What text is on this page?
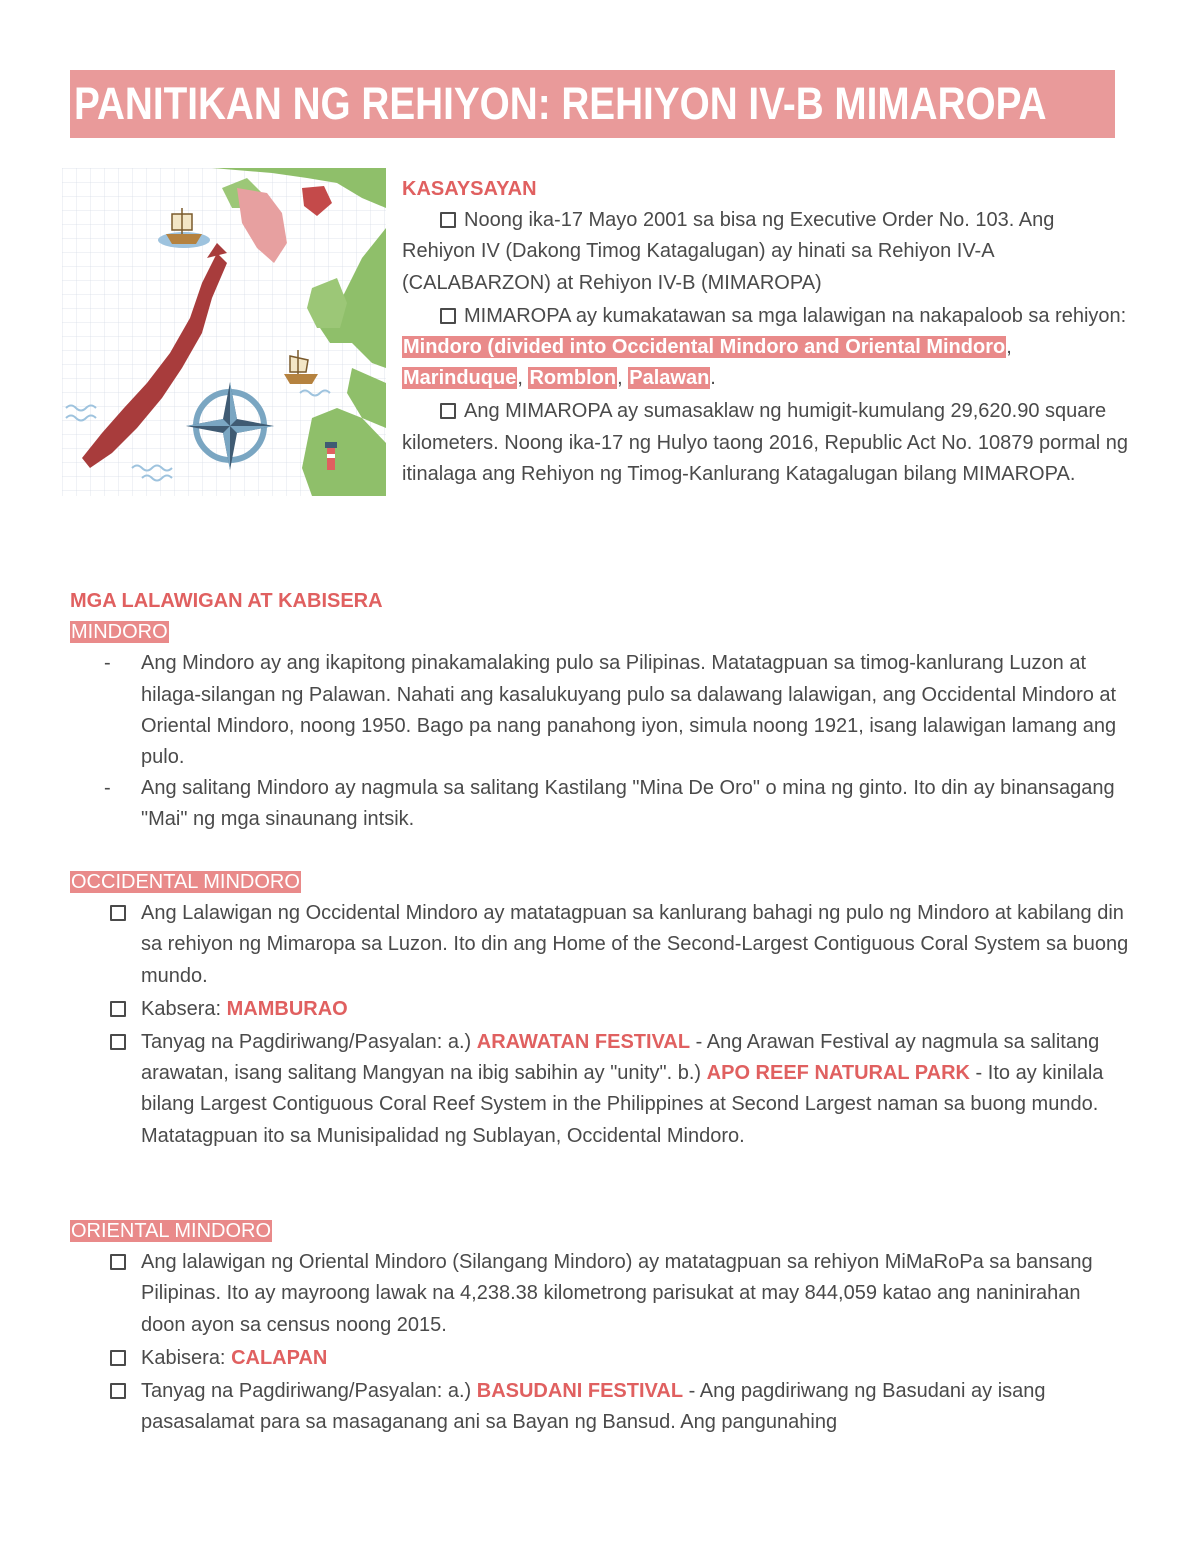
PANITIKAN NG REHIYON: REHIYON IV-B MIMAROPA

KASAYSAYAN

Noong ika-17 Mayo 2001 sa bisa ng Executive Order No. 103. Ang Rehiyon IV (Dakong Timog Katagalugan) ay hinati sa Rehiyon IV-A (CALABARZON) at Rehiyon IV-B (MIMAROPA)

MIMAROPA ay kumakatawan sa mga lalawigan na nakapaloob sa rehiyon: Mindoro (divided into Occidental Mindoro and Oriental Mindoro, Marinduque, Romblon, Palawan.

Ang MIMAROPA ay sumasaklaw ng humigit-kumulang 29,620.90 square kilometers. Noong ika-17 ng Hulyo taong 2016, Republic Act No. 10879 pormal ng itinalaga ang Rehiyon ng Timog-Kanlurang Katagalugan bilang MIMAROPA.

MGA LALAWIGAN AT KABISERA

MINDORO

- Ang Mindoro ay ang ikapitong pinakamalaking pulo sa Pilipinas. Matatagpuan sa timog-kanlurang Luzon at hilaga-silangan ng Palawan. Nahati ang kasalukuyang pulo sa dalawang lalawigan, ang Occidental Mindoro at Oriental Mindoro, noong 1950. Bago pa nang panahong iyon, simula noong 1921, isang lalawigan lamang ang pulo.
- Ang salitang Mindoro ay nagmula sa salitang Kastilang "Mina De Oro" o mina ng ginto. Ito din ay binansagang "Mai" ng mga sinaunang intsik.

OCCIDENTAL MINDORO

Ang Lalawigan ng Occidental Mindoro ay matatagpuan sa kanlurang bahagi ng pulo ng Mindoro at kabilang din sa rehiyon ng Mimaropa sa Luzon. Ito din ang Home of the Second-Largest Contiguous Coral System sa buong mundo.
Kabsera: MAMBURAO
Tanyag na Pagdiriwang/Pasyalan: a.) ARAWATAN FESTIVAL - Ang Arawan Festival ay nagmula sa salitang arawatan, isang salitang Mangyan na ibig sabihin ay "unity". b.) APO REEF NATURAL PARK - Ito ay kinilala bilang Largest Contiguous Coral Reef System in the Philippines at Second Largest naman sa buong mundo. Matatagpuan ito sa Munisipalidad ng Sublayan, Occidental Mindoro.

ORIENTAL MINDORO

Ang lalawigan ng Oriental Mindoro (Silangang Mindoro) ay matatagpuan sa rehiyon MiMaRoPa sa bansang Pilipinas. Ito ay mayroong lawak na 4,238.38 kilometrong parisukat at may 844,059 katao ang naninirahan doon ayon sa census noong 2015.
Kabisera: CALAPAN
Tanyag na Pagdiriwang/Pasyalan: a.) BASUDANI FESTIVAL - Ang pagdiriwang ng Basudani ay isang pasasalamat para sa masaganang ani sa Bayan ng Bansud. Ang pangunahing
